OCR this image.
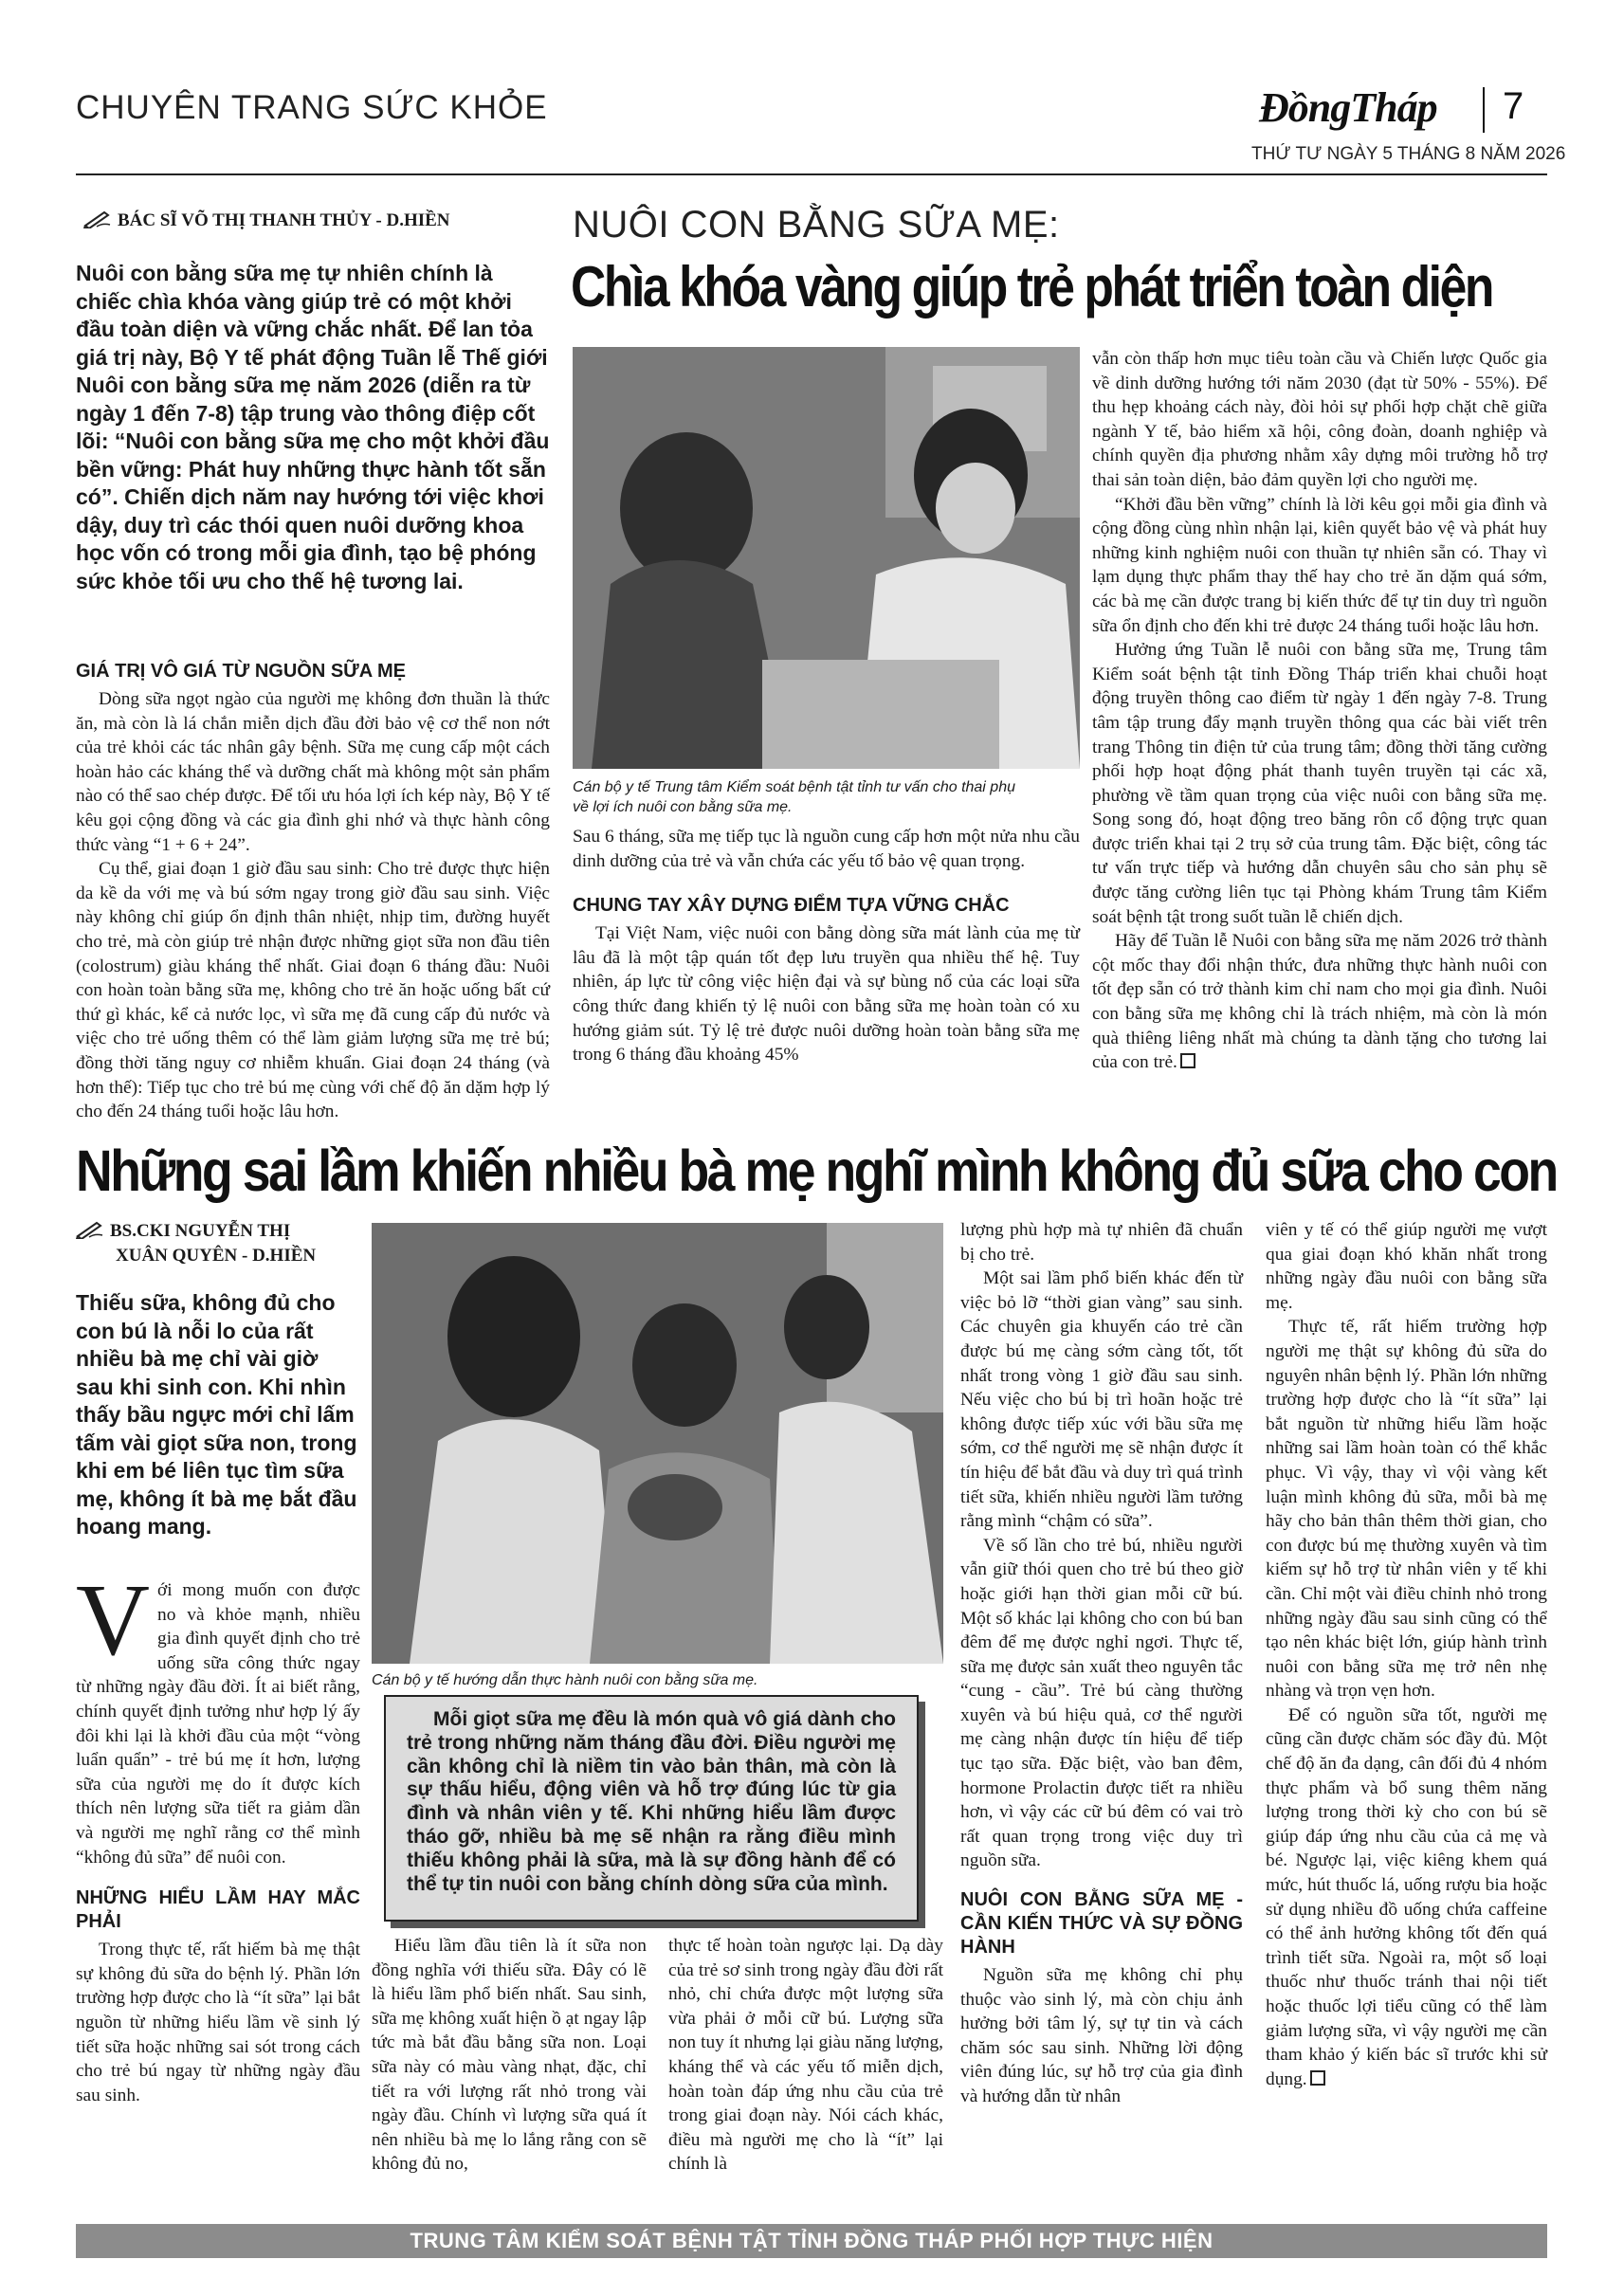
CHUYÊN TRANG SỨC KHỎE	ĐồngTháp 7
THỨ TƯ NGÀY 5 THÁNG 8 NĂM 2026
BÁC SĨ VÕ THỊ THANH THỦY - D.HIỀN	NUÔI CON BẰNG SỮA MẸ:
Chìa khóa vàng giúp trẻ phát triển toàn diện
Nuôi con bằng sữa mẹ tự nhiên chính là chiếc chìa khóa vàng giúp trẻ có một khởi đầu toàn diện và vững chắc nhất. Để lan tỏa giá trị này, Bộ Y tế phát động Tuần lễ Thế giới Nuôi con bằng sữa mẹ năm 2026 (diễn ra từ ngày 1 đến 7-8) tập trung vào thông điệp cốt lõi: “Nuôi con bằng sữa mẹ cho một khởi đầu bền vững: Phát huy những thực hành tốt sẵn có”. Chiến dịch năm nay hướng tới việc khơi dậy, duy trì các thói quen nuôi dưỡng khoa học vốn có trong mỗi gia đình, tạo bệ phóng sức khỏe tối ưu cho thế hệ tương lai.
GIÁ TRỊ VÔ GIÁ TỪ NGUỒN SỮA MẸ

Dòng sữa ngọt ngào của người mẹ không đơn thuần là thức ăn, mà còn là lá chắn miễn dịch đầu đời bảo vệ cơ thể non nớt của trẻ khỏi các tác nhân gây bệnh. Sữa mẹ cung cấp một cách hoàn hảo các kháng thể và dưỡng chất mà không một sản phẩm nào có thể sao chép được. Để tối ưu hóa lợi ích kép này, Bộ Y tế kêu gọi cộng đồng và các gia đình ghi nhớ và thực hành công thức vàng “1 + 6 + 24”.

Cụ thể, giai đoạn 1 giờ đầu sau sinh: Cho trẻ được thực hiện da kề da với mẹ và bú sớm ngay trong giờ đầu sau sinh. Việc này không chỉ giúp ổn định thân nhiệt, nhịp tim, đường huyết cho trẻ, mà còn giúp trẻ nhận được những giọt sữa non đầu tiên (colostrum) giàu kháng thể nhất. Giai đoạn 6 tháng đầu: Nuôi con hoàn toàn bằng sữa mẹ, không cho trẻ ăn hoặc uống bất cứ thứ gì khác, kể cả nước lọc, vì sữa mẹ đã cung cấp đủ nước và việc cho trẻ uống thêm có thể làm giảm lượng sữa mẹ trẻ bú; đồng thời tăng nguy cơ nhiễm khuẩn. Giai đoạn 24 tháng (và hơn thế): Tiếp tục cho trẻ bú mẹ cùng với chế độ ăn dặm hợp lý cho đến 24 tháng tuổi hoặc lâu hơn.

Cán bộ y tế Trung tâm Kiểm soát bệnh tật tỉnh tư vấn cho thai phụ về lợi ích nuôi con bằng sữa mẹ.

Sau 6 tháng, sữa mẹ tiếp tục là nguồn cung cấp hơn một nửa nhu cầu dinh dưỡng của trẻ và vẫn chứa các yếu tố bảo vệ quan trọng.

CHUNG TAY XÂY DỰNG ĐIỂM TỰA VỮNG CHẮC

Tại Việt Nam, việc nuôi con bằng dòng sữa mát lành của mẹ từ lâu đã là một tập quán tốt đẹp lưu truyền qua nhiều thế hệ. Tuy nhiên, áp lực từ công việc hiện đại và sự bùng nổ của các loại sữa công thức đang khiến tỷ lệ nuôi con bằng sữa mẹ hoàn toàn có xu hướng giảm sút. Tỷ lệ trẻ được nuôi dưỡng hoàn toàn bằng sữa mẹ trong 6 tháng đầu khoảng 45%

vẫn còn thấp hơn mục tiêu toàn cầu và Chiến lược Quốc gia về dinh dưỡng hướng tới năm 2030 (đạt từ 50% - 55%). Để thu hẹp khoảng cách này, đòi hỏi sự phối hợp chặt chẽ giữa ngành Y tế, bảo hiểm xã hội, công đoàn, doanh nghiệp và chính quyền địa phương nhằm xây dựng môi trường hỗ trợ thai sản toàn diện, bảo đảm quyền lợi cho người mẹ.

“Khởi đầu bền vững” chính là lời kêu gọi mỗi gia đình và cộng đồng cùng nhìn nhận lại, kiên quyết bảo vệ và phát huy những kinh nghiệm nuôi con thuần tự nhiên sẵn có. Thay vì lạm dụng thực phẩm thay thế hay cho trẻ ăn dặm quá sớm, các bà mẹ cần được trang bị kiến thức để tự tin duy trì nguồn sữa ổn định cho đến khi trẻ được 24 tháng tuổi hoặc lâu hơn.

Hưởng ứng Tuần lễ nuôi con bằng sữa mẹ, Trung tâm Kiểm soát bệnh tật tỉnh Đồng Tháp triển khai chuỗi hoạt động truyền thông cao điểm từ ngày 1 đến ngày 7-8. Trung tâm tập trung đẩy mạnh truyền thông qua các bài viết trên trang Thông tin điện tử của trung tâm; đồng thời tăng cường phối hợp hoạt động phát thanh tuyên truyền tại các xã, phường về tầm quan trọng của việc nuôi con bằng sữa mẹ. Song song đó, hoạt động treo băng rôn cổ động trực quan được triển khai tại 2 trụ sở của trung tâm. Đặc biệt, công tác tư vấn trực tiếp và hướng dẫn chuyên sâu cho sản phụ sẽ được tăng cường liên tục tại Phòng khám Trung tâm Kiểm soát bệnh tật trong suốt tuần lễ chiến dịch.

Hãy để Tuần lễ Nuôi con bằng sữa mẹ năm 2026 trở thành cột mốc thay đổi nhận thức, đưa những thực hành nuôi con tốt đẹp sẵn có trở thành kim chỉ nam cho mọi gia đình. Nuôi con bằng sữa mẹ không chỉ là trách nhiệm, mà còn là món quà thiêng liêng nhất mà chúng ta dành tặng cho tương lai của con trẻ.

Những sai lầm khiến nhiều bà mẹ nghĩ mình không đủ sữa cho con
BS.CKI NGUYỄN THỊ
XUÂN QUYÊN - D.HIỀN
Thiếu sữa, không đủ cho con bú là nỗi lo của rất nhiều bà mẹ chỉ vài giờ sau khi sinh con. Khi nhìn thấy bầu ngực mới chỉ lấm tấm vài giọt sữa non, trong khi em bé liên tục tìm sữa mẹ, không ít bà mẹ bắt đầu hoang mang.

Với mong muốn con được no và khỏe mạnh, nhiều gia đình quyết định cho trẻ uống sữa công thức ngay từ những ngày đầu đời. Ít ai biết rằng, chính quyết định tưởng như hợp lý ấy đôi khi lại là khởi đầu của một “vòng luẩn quẩn” - trẻ bú mẹ ít hơn, lượng sữa của người mẹ do ít được kích thích nên lượng sữa tiết ra giảm dần và người mẹ nghĩ rằng cơ thể mình “không đủ sữa” để nuôi con.

NHỮNG HIỂU LẦM HAY MẮC PHẢI

Trong thực tế, rất hiếm bà mẹ thật sự không đủ sữa do bệnh lý. Phần lớn trường hợp được cho là “ít sữa” lại bắt nguồn từ những hiểu lầm về sinh lý tiết sữa hoặc những sai sót trong cách cho trẻ bú ngay từ những ngày đầu sau sinh.

Cán bộ y tế hướng dẫn thực hành nuôi con bằng sữa mẹ.
Mỗi giọt sữa mẹ đều là món quà vô giá dành cho trẻ trong những năm tháng đầu đời. Điều người mẹ cần không chỉ là niềm tin vào bản thân, mà còn là sự thấu hiểu, động viên và hỗ trợ đúng lúc từ gia đình và nhân viên y tế. Khi những hiểu lầm được tháo gỡ, nhiều bà mẹ sẽ nhận ra rằng điều mình thiếu không phải là sữa, mà là sự đồng hành để có thể tự tin nuôi con bằng chính dòng sữa của mình.

Hiểu lầm đầu tiên là ít sữa non đồng nghĩa với thiếu sữa. Đây có lẽ là hiểu lầm phổ biến nhất. Sau sinh, sữa mẹ không xuất hiện ồ ạt ngay lập tức mà bắt đầu bằng sữa non. Loại sữa này có màu vàng nhạt, đặc, chỉ tiết ra với lượng rất nhỏ trong vài ngày đầu. Chính vì lượng sữa quá ít nên nhiều bà mẹ lo lắng rằng con sẽ không đủ no,

thực tế hoàn toàn ngược lại. Dạ dày của trẻ sơ sinh trong ngày đầu đời rất nhỏ, chỉ chứa được một lượng sữa vừa phải ở mỗi cữ bú. Lượng sữa non tuy ít nhưng lại giàu năng lượng, kháng thể và các yếu tố miễn dịch, hoàn toàn đáp ứng nhu cầu của trẻ trong giai đoạn này. Nói cách khác, điều mà người mẹ cho là “ít” lại chính là

lượng phù hợp mà tự nhiên đã chuẩn bị cho trẻ.

Một sai lầm phổ biến khác đến từ việc bỏ lỡ “thời gian vàng” sau sinh. Các chuyên gia khuyến cáo trẻ cần được bú mẹ càng sớm càng tốt, tốt nhất trong vòng 1 giờ đầu sau sinh. Nếu việc cho bú bị trì hoãn hoặc trẻ không được tiếp xúc với bầu sữa mẹ sớm, cơ thể người mẹ sẽ nhận được ít tín hiệu để bắt đầu và duy trì quá trình tiết sữa, khiến nhiều người lầm tưởng rằng mình “chậm có sữa”.

Về số lần cho trẻ bú, nhiều người vẫn giữ thói quen cho trẻ bú theo giờ hoặc giới hạn thời gian mỗi cữ bú. Một số khác lại không cho con bú ban đêm để mẹ được nghỉ ngơi. Thực tế, sữa mẹ được sản xuất theo nguyên tắc “cung - cầu”. Trẻ bú càng thường xuyên và bú hiệu quả, cơ thể người mẹ càng nhận được tín hiệu để tiếp tục tạo sữa. Đặc biệt, vào ban đêm, hormone Prolactin được tiết ra nhiều hơn, vì vậy các cữ bú đêm có vai trò rất quan trọng trong việc duy trì nguồn sữa.

NUÔI CON BẰNG SỮA MẸ - CẦN KIẾN THỨC VÀ SỰ ĐỒNG HÀNH

Nguồn sữa mẹ không chỉ phụ thuộc vào sinh lý, mà còn chịu ảnh hưởng bởi tâm lý, sự tự tin và cách chăm sóc sau sinh. Những lời động viên đúng lúc, sự hỗ trợ của gia đình và hướng dẫn từ nhân

viên y tế có thể giúp người mẹ vượt qua giai đoạn khó khăn nhất trong những ngày đầu nuôi con bằng sữa mẹ.

Thực tế, rất hiếm trường hợp người mẹ thật sự không đủ sữa do nguyên nhân bệnh lý. Phần lớn những trường hợp được cho là “ít sữa” lại bắt nguồn từ những hiểu lầm hoặc những sai lầm hoàn toàn có thể khắc phục. Vì vậy, thay vì vội vàng kết luận mình không đủ sữa, mỗi bà mẹ hãy cho bản thân thêm thời gian, cho con được bú mẹ thường xuyên và tìm kiếm sự hỗ trợ từ nhân viên y tế khi cần. Chỉ một vài điều chỉnh nhỏ trong những ngày đầu sau sinh cũng có thể tạo nên khác biệt lớn, giúp hành trình nuôi con bằng sữa mẹ trở nên nhẹ nhàng và trọn vẹn hơn.

Để có nguồn sữa tốt, người mẹ cũng cần được chăm sóc đầy đủ. Một chế độ ăn đa dạng, cân đối đủ 4 nhóm thực phẩm và bổ sung thêm năng lượng trong thời kỳ cho con bú sẽ giúp đáp ứng nhu cầu của cả mẹ và bé. Ngược lại, việc kiêng khem quá mức, hút thuốc lá, uống rượu bia hoặc sử dụng nhiều đồ uống chứa caffeine có thể ảnh hưởng không tốt đến quá trình tiết sữa. Ngoài ra, một số loại thuốc như thuốc tránh thai nội tiết hoặc thuốc lợi tiểu cũng có thể làm giảm lượng sữa, vì vậy người mẹ cần tham khảo ý kiến bác sĩ trước khi sử dụng.

TRUNG TÂM KIỂM SOÁT BỆNH TẬT TỈNH ĐỒNG THÁP PHỐI HỢP THỰC HIỆN
